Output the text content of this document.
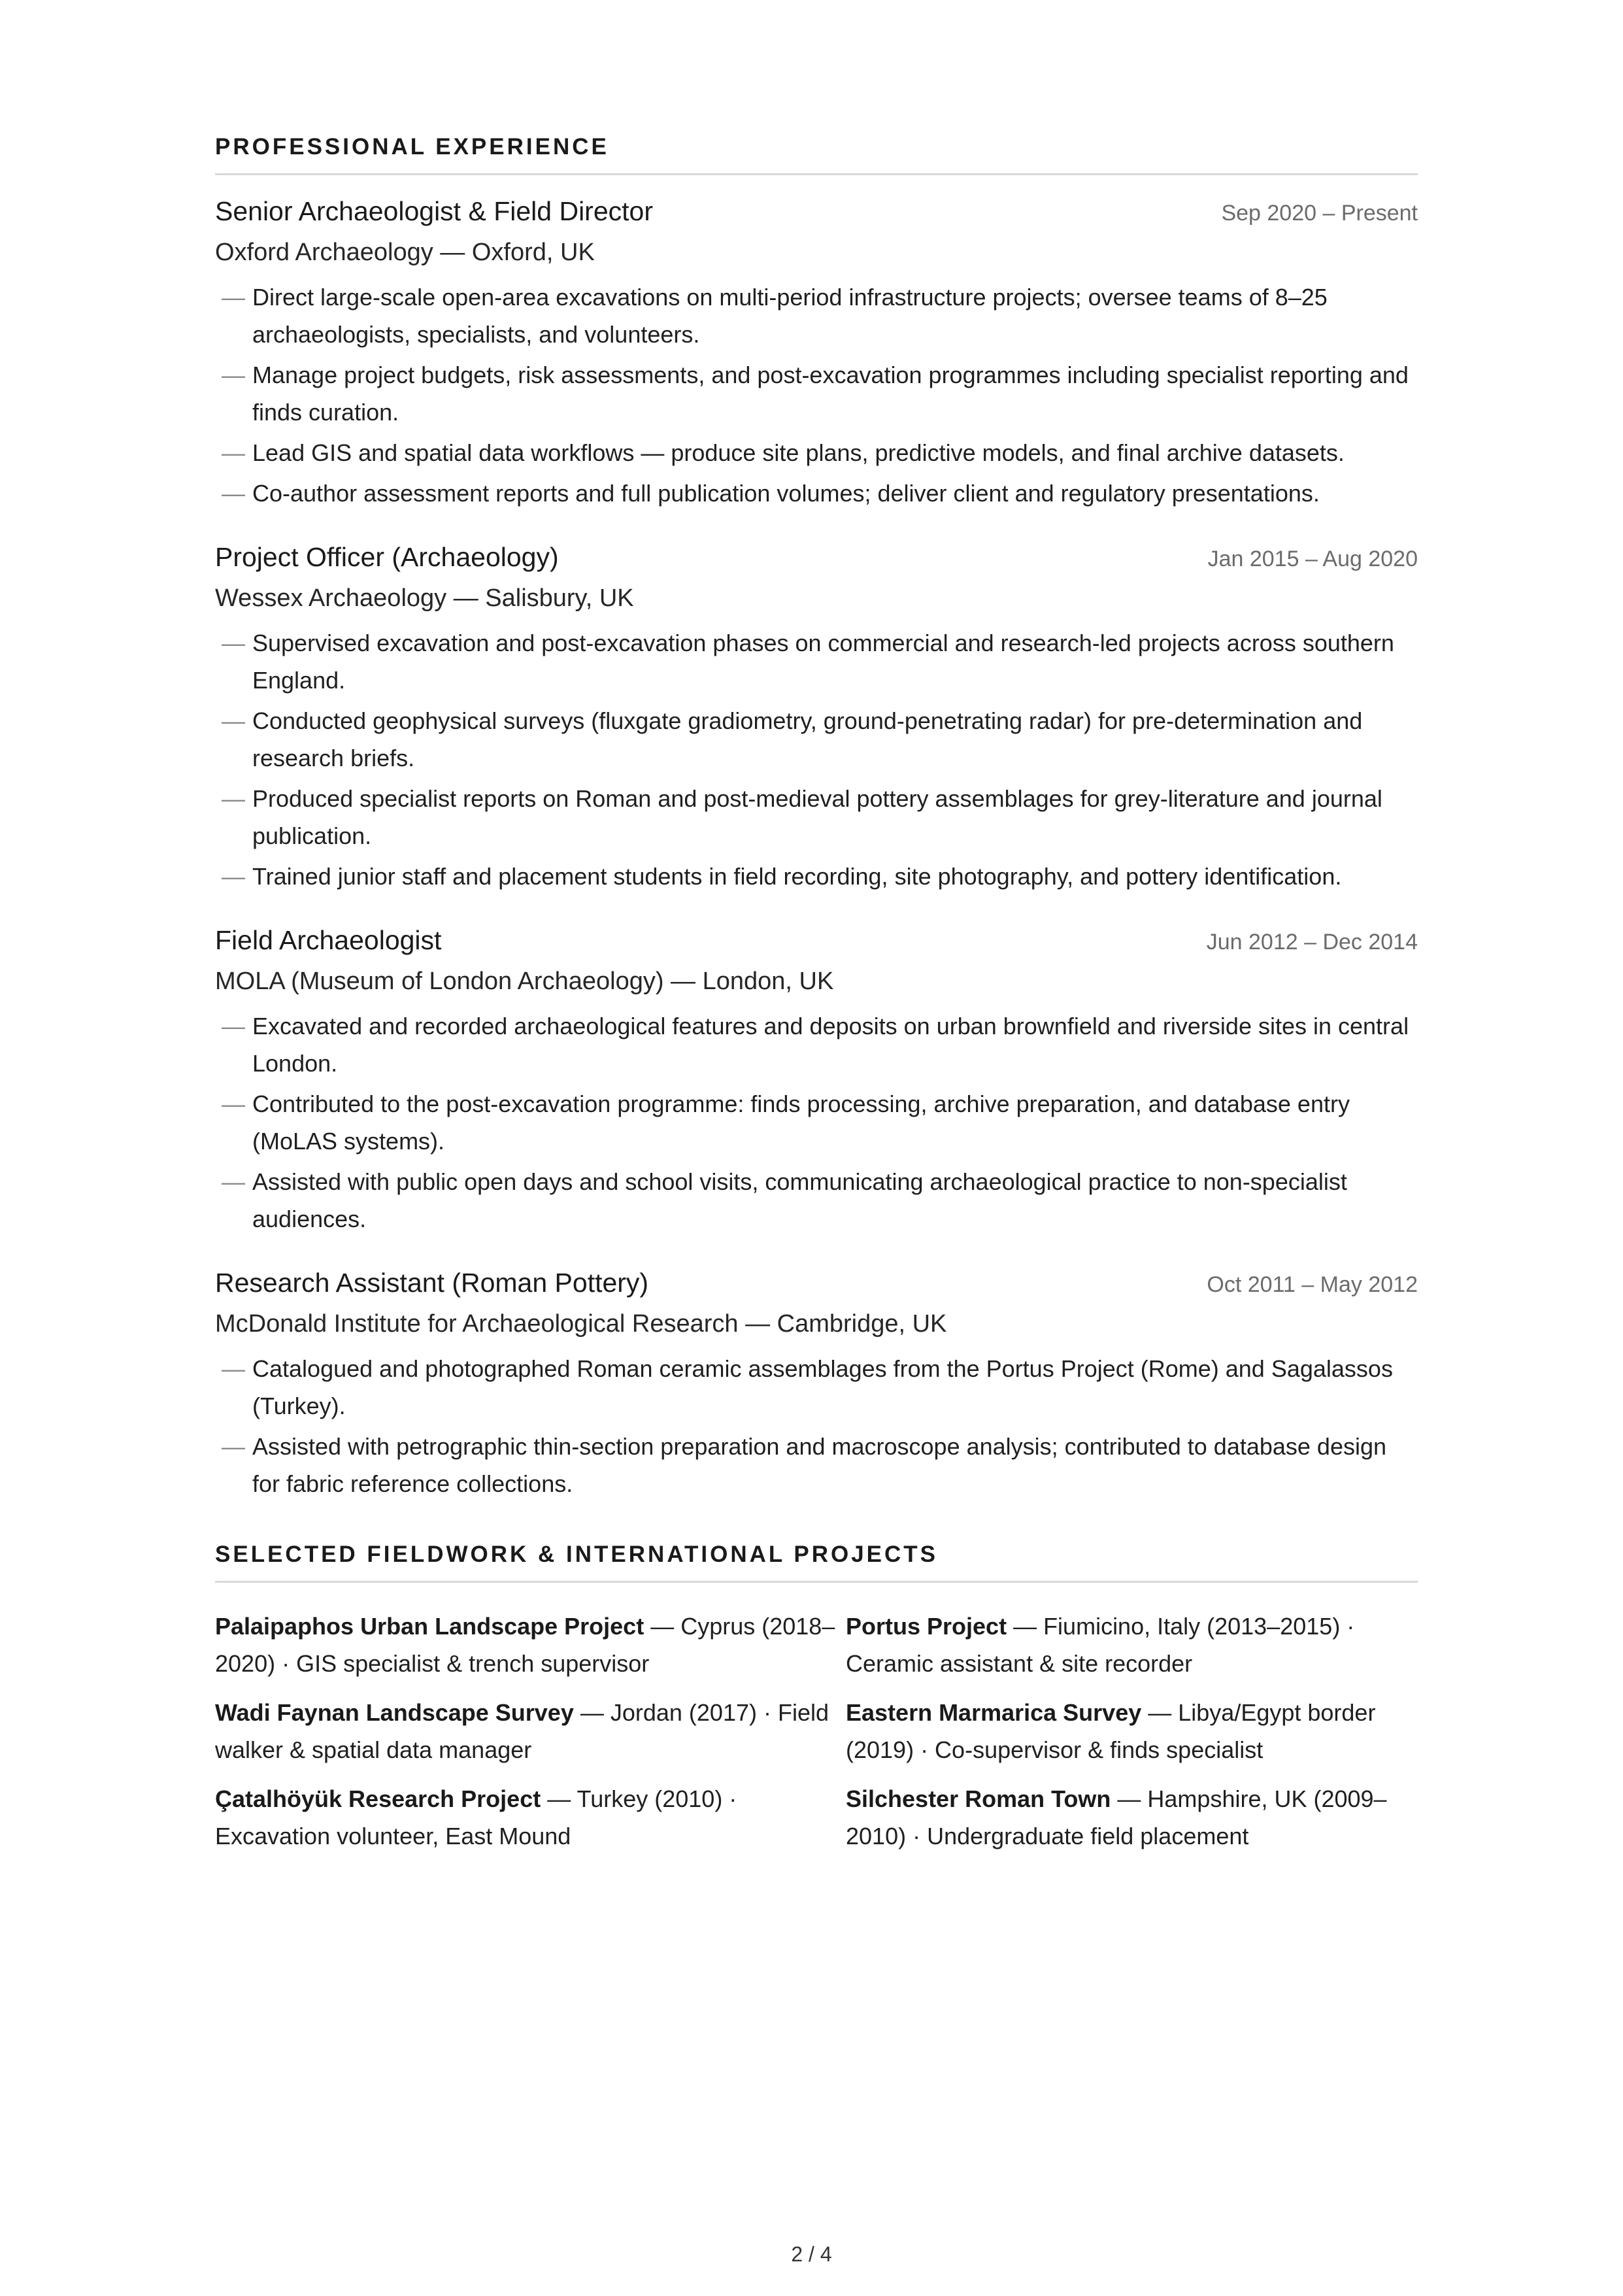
PROFESSIONAL EXPERIENCE
Senior Archaeologist & Field Director	Sep 2020 – Present
Oxford Archaeology — Oxford, UK
— Direct large-scale open-area excavations on multi-period infrastructure projects; oversee teams of 8–25 archaeologists, specialists, and volunteers.
— Manage project budgets, risk assessments, and post-excavation programmes including specialist reporting and finds curation.
— Lead GIS and spatial data workflows — produce site plans, predictive models, and final archive datasets.
— Co-author assessment reports and full publication volumes; deliver client and regulatory presentations.
Project Officer (Archaeology)	Jan 2015 – Aug 2020
Wessex Archaeology — Salisbury, UK
— Supervised excavation and post-excavation phases on commercial and research-led projects across southern England.
— Conducted geophysical surveys (fluxgate gradiometry, ground-penetrating radar) for pre-determination and research briefs.
— Produced specialist reports on Roman and post-medieval pottery assemblages for grey-literature and journal publication.
— Trained junior staff and placement students in field recording, site photography, and pottery identification.
Field Archaeologist	Jun 2012 – Dec 2014
MOLA (Museum of London Archaeology) — London, UK
— Excavated and recorded archaeological features and deposits on urban brownfield and riverside sites in central London.
— Contributed to the post-excavation programme: finds processing, archive preparation, and database entry (MoLAS systems).
— Assisted with public open days and school visits, communicating archaeological practice to non-specialist audiences.
Research Assistant (Roman Pottery)	Oct 2011 – May 2012
McDonald Institute for Archaeological Research — Cambridge, UK
— Catalogued and photographed Roman ceramic assemblages from the Portus Project (Rome) and Sagalassos (Turkey).
— Assisted with petrographic thin-section preparation and macroscope analysis; contributed to database design for fabric reference collections.
SELECTED FIELDWORK & INTERNATIONAL PROJECTS
Palaipaphos Urban Landscape Project — Cyprus (2018–2020) · GIS specialist & trench supervisor
Portus Project — Fiumicino, Italy (2013–2015) · Ceramic assistant & site recorder
Wadi Faynan Landscape Survey — Jordan (2017) · Field walker & spatial data manager
Eastern Marmarica Survey — Libya/Egypt border (2019) · Co-supervisor & finds specialist
Çatalhöyük Research Project — Turkey (2010) · Excavation volunteer, East Mound
Silchester Roman Town — Hampshire, UK (2009–2010) · Undergraduate field placement
2 / 4
